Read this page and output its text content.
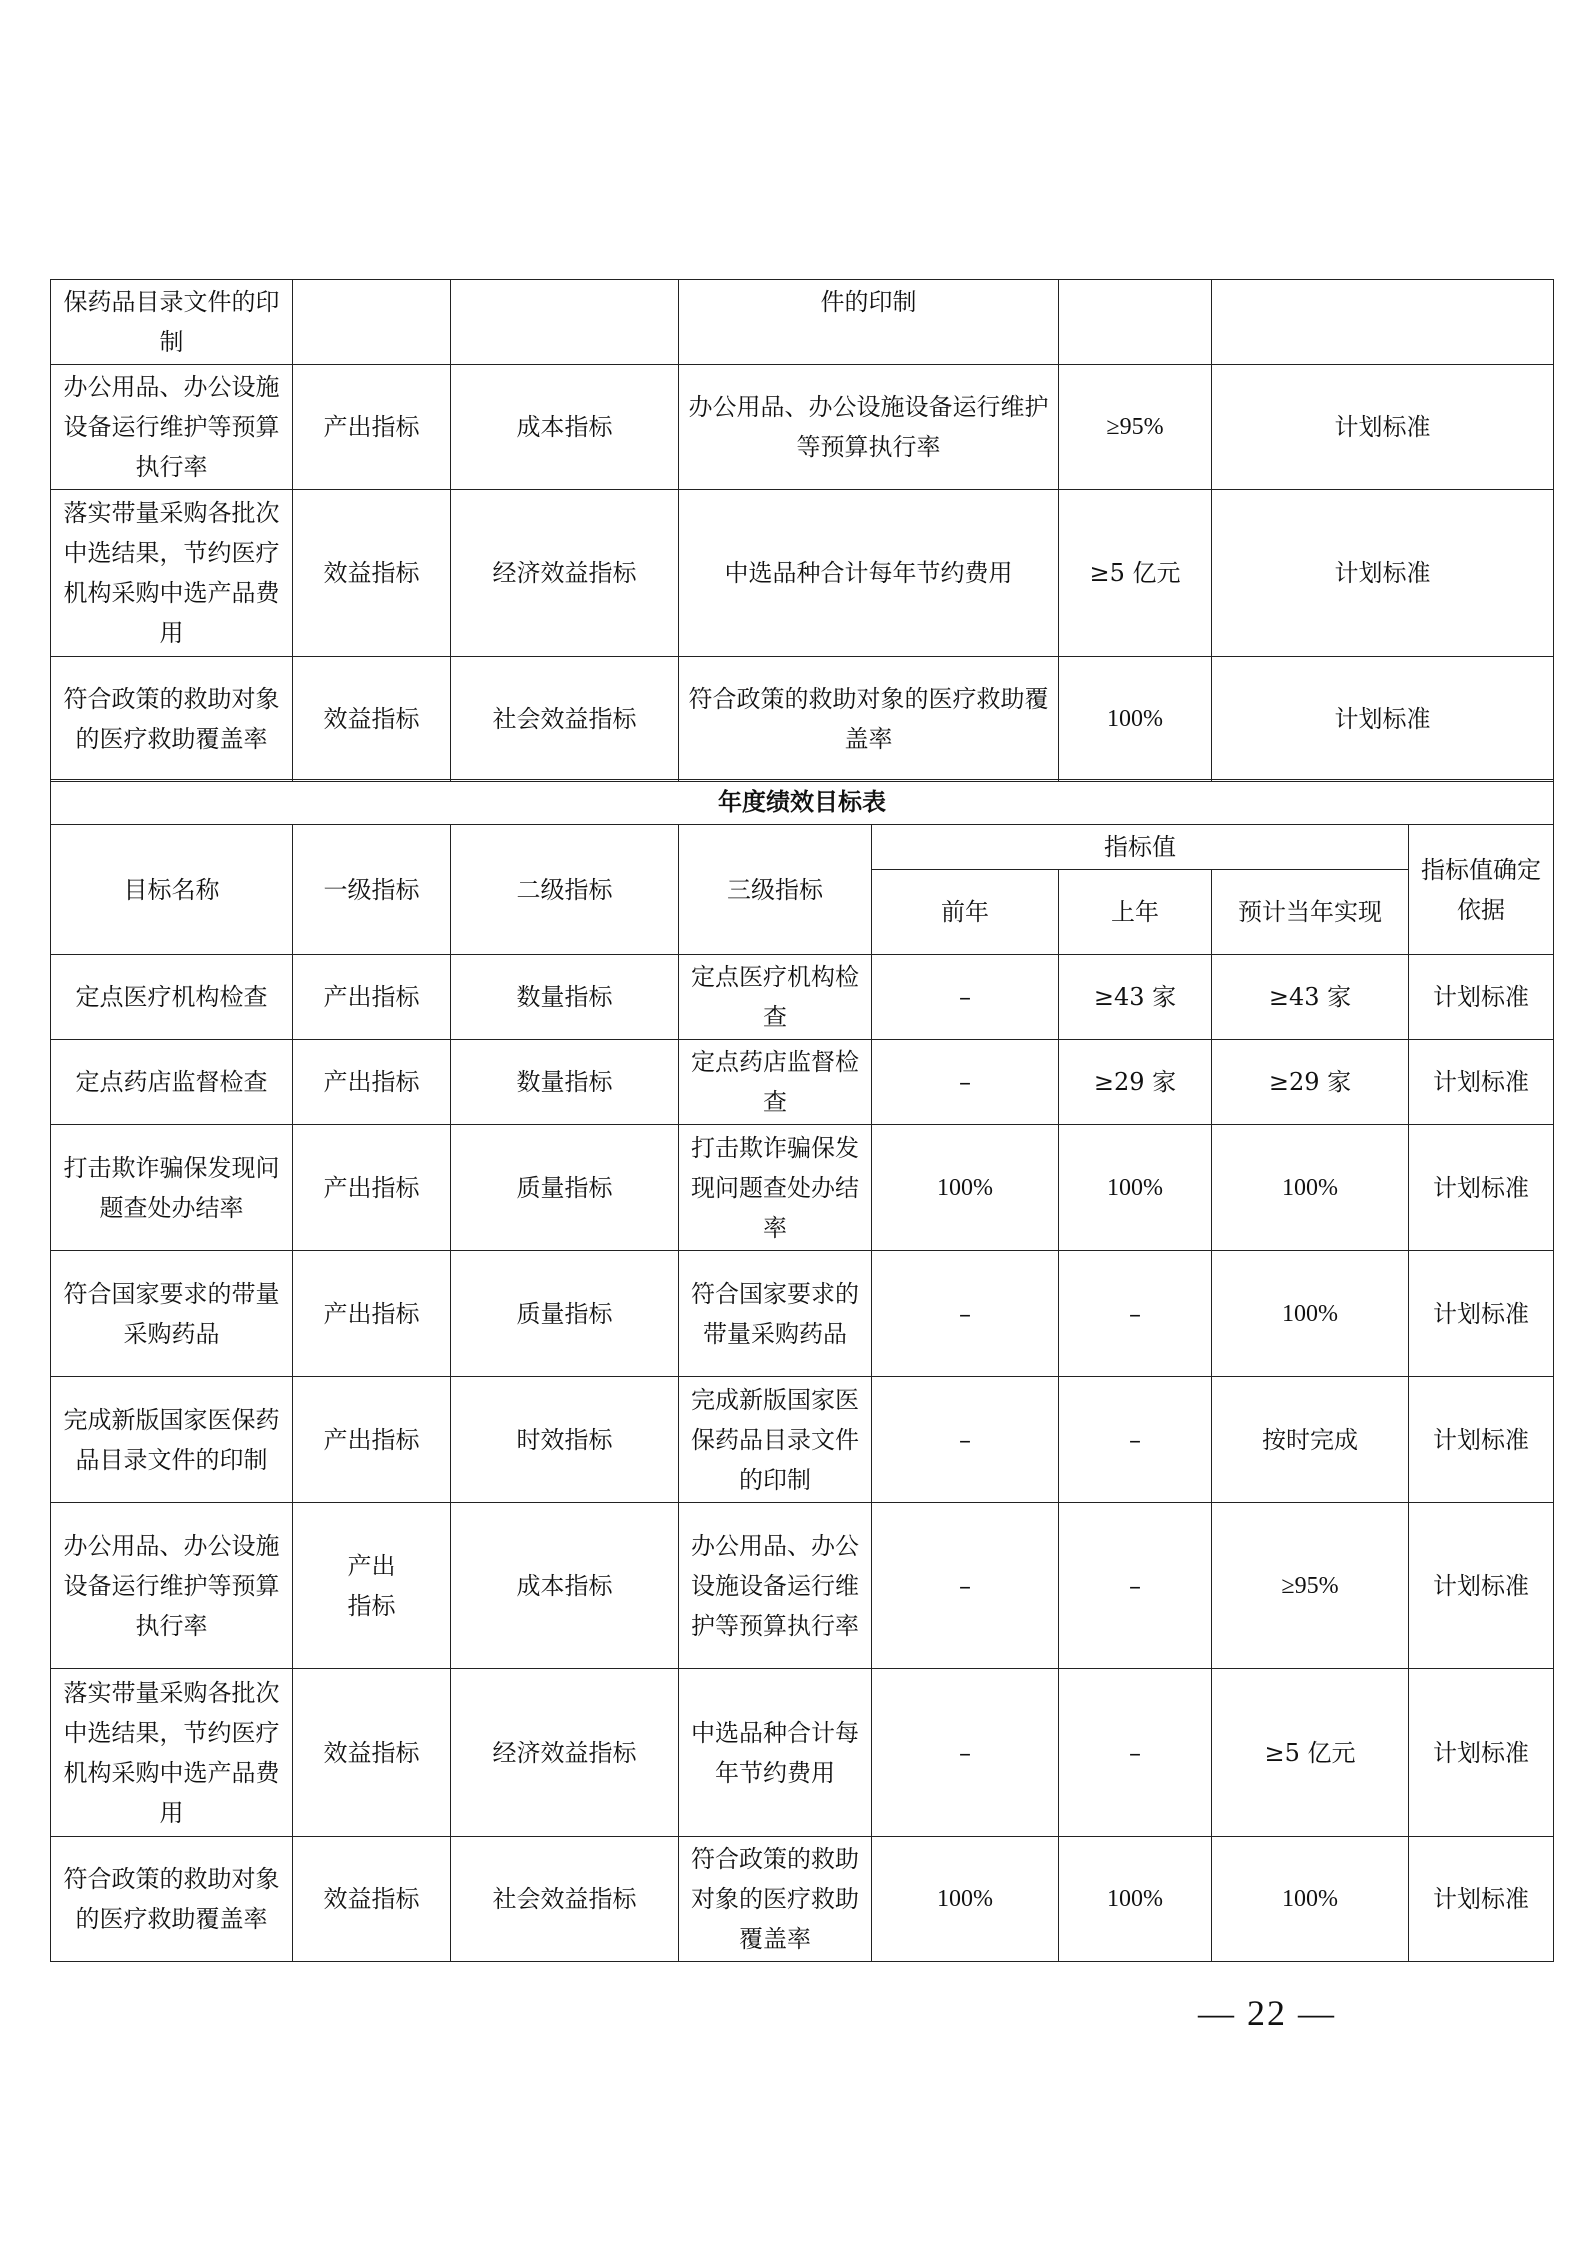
保药品目录文件的印制			件的印制		
办公用品、办公设施设备运行维护等预算执行率	产出指标	成本指标	办公用品、办公设施设备运行维护等预算执行率	≥95%	计划标准
落实带量采购各批次中选结果，节约医疗机构采购中选产品费用	效益指标	经济效益指标	中选品种合计每年节约费用	≥5 亿元	计划标准
符合政策的救助对象的医疗救助覆盖率	效益指标	社会效益指标	符合政策的救助对象的医疗救助覆盖率	100%	计划标准
年度绩效目标表							
目标名称	一级指标	二级指标	三级指标	指标值			指标值确定依据
				前年	上年	预计当年实现	
定点医疗机构检查	产出指标	数量指标	定点医疗机构检查	–	≥43 家	≥43 家	计划标准
定点药店监督检查	产出指标	数量指标	定点药店监督检查	–	≥29 家	≥29 家	计划标准
打击欺诈骗保发现问题查处办结率	产出指标	质量指标	打击欺诈骗保发现问题查处办结率	100%	100%	100%	计划标准
符合国家要求的带量采购药品	产出指标	质量指标	符合国家要求的带量采购药品	–	–	100%	计划标准
完成新版国家医保药品目录文件的印制	产出指标	时效指标	完成新版国家医保药品目录文件的印制	–	–	按时完成	计划标准
办公用品、办公设施设备运行维护等预算执行率	产出指标	成本指标	办公用品、办公设施设备运行维护等预算执行率	–	–	≥95%	计划标准
落实带量采购各批次中选结果，节约医疗机构采购中选产品费用	效益指标	经济效益指标	中选品种合计每年节约费用	–	–	≥5 亿元	计划标准
符合政策的救助对象的医疗救助覆盖率	效益指标	社会效益指标	符合政策的救助对象的医疗救助覆盖率	100%	100%	100%	计划标准
— 22 —
